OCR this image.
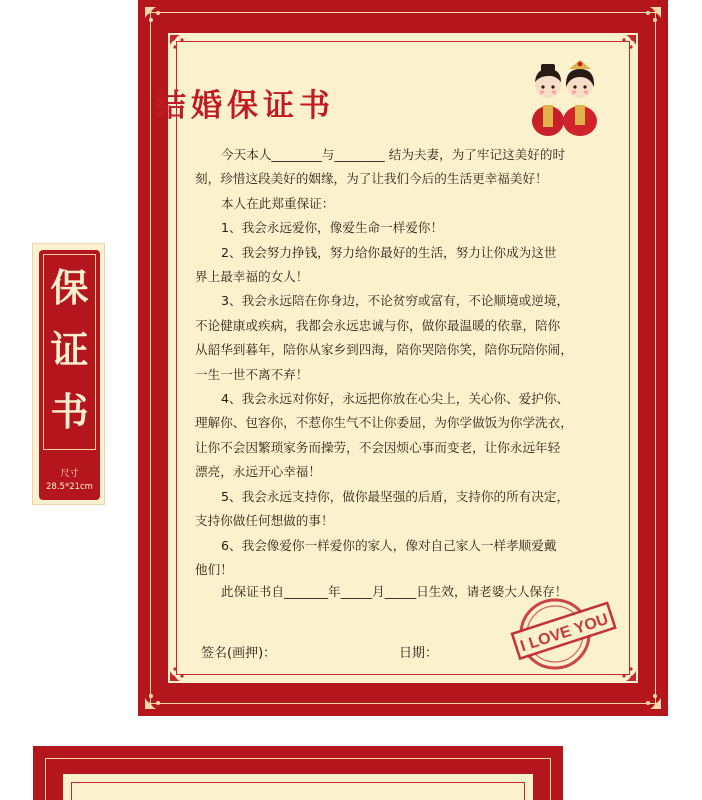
结婚保证书

今天本人________与________ 结为夫妻，为了牢记这美好的时

刻，珍惜这段美好的姻缘，为了让我们今后的生活更幸福美好！

本人在此郑重保证：

1、我会永远爱你，像爱生命一样爱你！

2、我会努力挣钱，努力给你最好的生活，努力让你成为这世

界上最幸福的女人！

3、我会永远陪在你身边，不论贫穷或富有，不论顺境或逆境，

不论健康或疾病，我都会永远忠诚与你，做你最温暖的依靠，陪你

从韶华到暮年，陪你从家乡到四海，陪你哭陪你笑，陪你玩陪你闹，

一生一世不离不弃！

4、我会永远对你好，永远把你放在心尖上，关心你、爱护你、

理解你、包容你，不惹你生气不让你委屈，为你学做饭为你学洗衣，

让你不会因繁琐家务而操劳，不会因烦心事而变老，让你永远年轻

漂亮，永远开心幸福！

5、我会永远支持你，做你最坚强的后盾，支持你的所有决定，

支持你做任何想做的事！

6、我会像爱你一样爱你的家人，像对自己家人一样孝顺爱戴

他们！

此保证书自_______年_____月_____日生效，请老婆大人保存！

签名(画押)：	日期：	I LOVE YOU
保
证
书
尺寸
28.5*21cm
